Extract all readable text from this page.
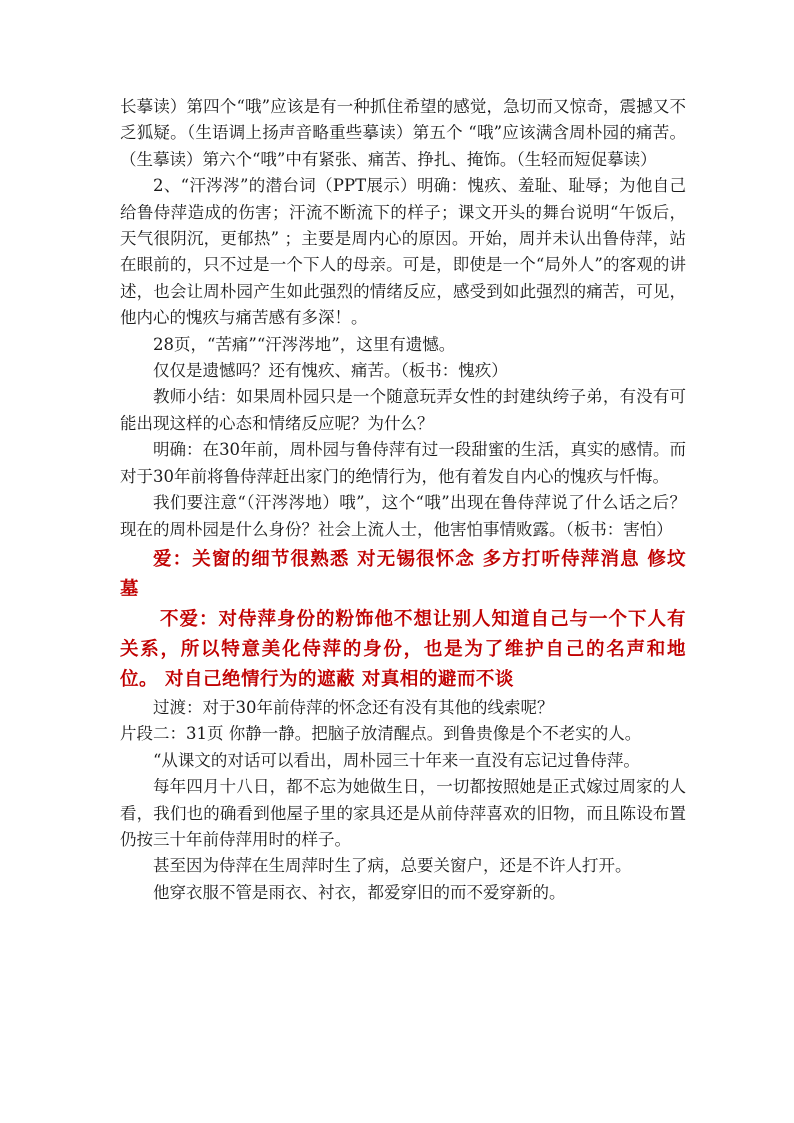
长摹读）第四个“哦”应该是有一种抓住希望的感觉，急切而又惊奇，震撼又不乏狐疑。（生语调上扬声音略重些摹读）第五个 “哦”应该满含周朴园的痛苦。（生摹读）第六个“哦”中有紧张、痛苦、挣扎、掩饰。（生轻而短促摹读）

2、“汗涔涔”的潜台词（PPT展示）明确：愧疚、羞耻、耻辱；为他自己给鲁侍萍造成的伤害；汗流不断流下的样子；课文开头的舞台说明“午饭后，天气很阴沉，更郁热” ；主要是周内心的原因。开始，周并未认出鲁侍萍，站在眼前的，只不过是一个下人的母亲。可是，即使是一个“局外人”的客观的讲述，也会让周朴园产生如此强烈的情绪反应，感受到如此强烈的痛苦，可见，他内心的愧疚与痛苦感有多深！。

28页，“苦痛”“汗涔涔地”，这里有遗憾。

仅仅是遗憾吗？还有愧疚、痛苦。（板书：愧疚）

教师小结：如果周朴园只是一个随意玩弄女性的封建纨绔子弟，有没有可能出现这样的心态和情绪反应呢？为什么？

明确：在30年前，周朴园与鲁侍萍有过一段甜蜜的生活，真实的感情。而对于30年前将鲁侍萍赶出家门的绝情行为，他有着发自内心的愧疚与忏悔。

我们要注意“（汗涔涔地）哦”，这个“哦”出现在鲁侍萍说了什么话之后？现在的周朴园是什么身份？社会上流人士，他害怕事情败露。（板书：害怕）

爱：关窗的细节很熟悉 对无锡很怀念 多方打听侍萍消息 修坟墓

不爱：对侍萍身份的粉饰他不想让别人知道自己与一个下人有关系，所以特意美化侍萍的身份，也是为了维护自己的名声和地位。 对自己绝情行为的遮蔽 对真相的避而不谈

过渡：对于30年前侍萍的怀念还有没有其他的线索呢？

片段二：31页 你静一静。把脑子放清醒点。到鲁贵像是个不老实的人。

“从课文的对话可以看出，周朴园三十年来一直没有忘记过鲁侍萍。

每年四月十八日，都不忘为她做生日，一切都按照她是正式嫁过周家的人看，我们也的确看到他屋子里的家具还是从前侍萍喜欢的旧物，而且陈设布置仍按三十年前侍萍用时的样子。

甚至因为侍萍在生周萍时生了病，总要关窗户，还是不许人打开。

他穿衣服不管是雨衣、衬衣，都爱穿旧的而不爱穿新的。
